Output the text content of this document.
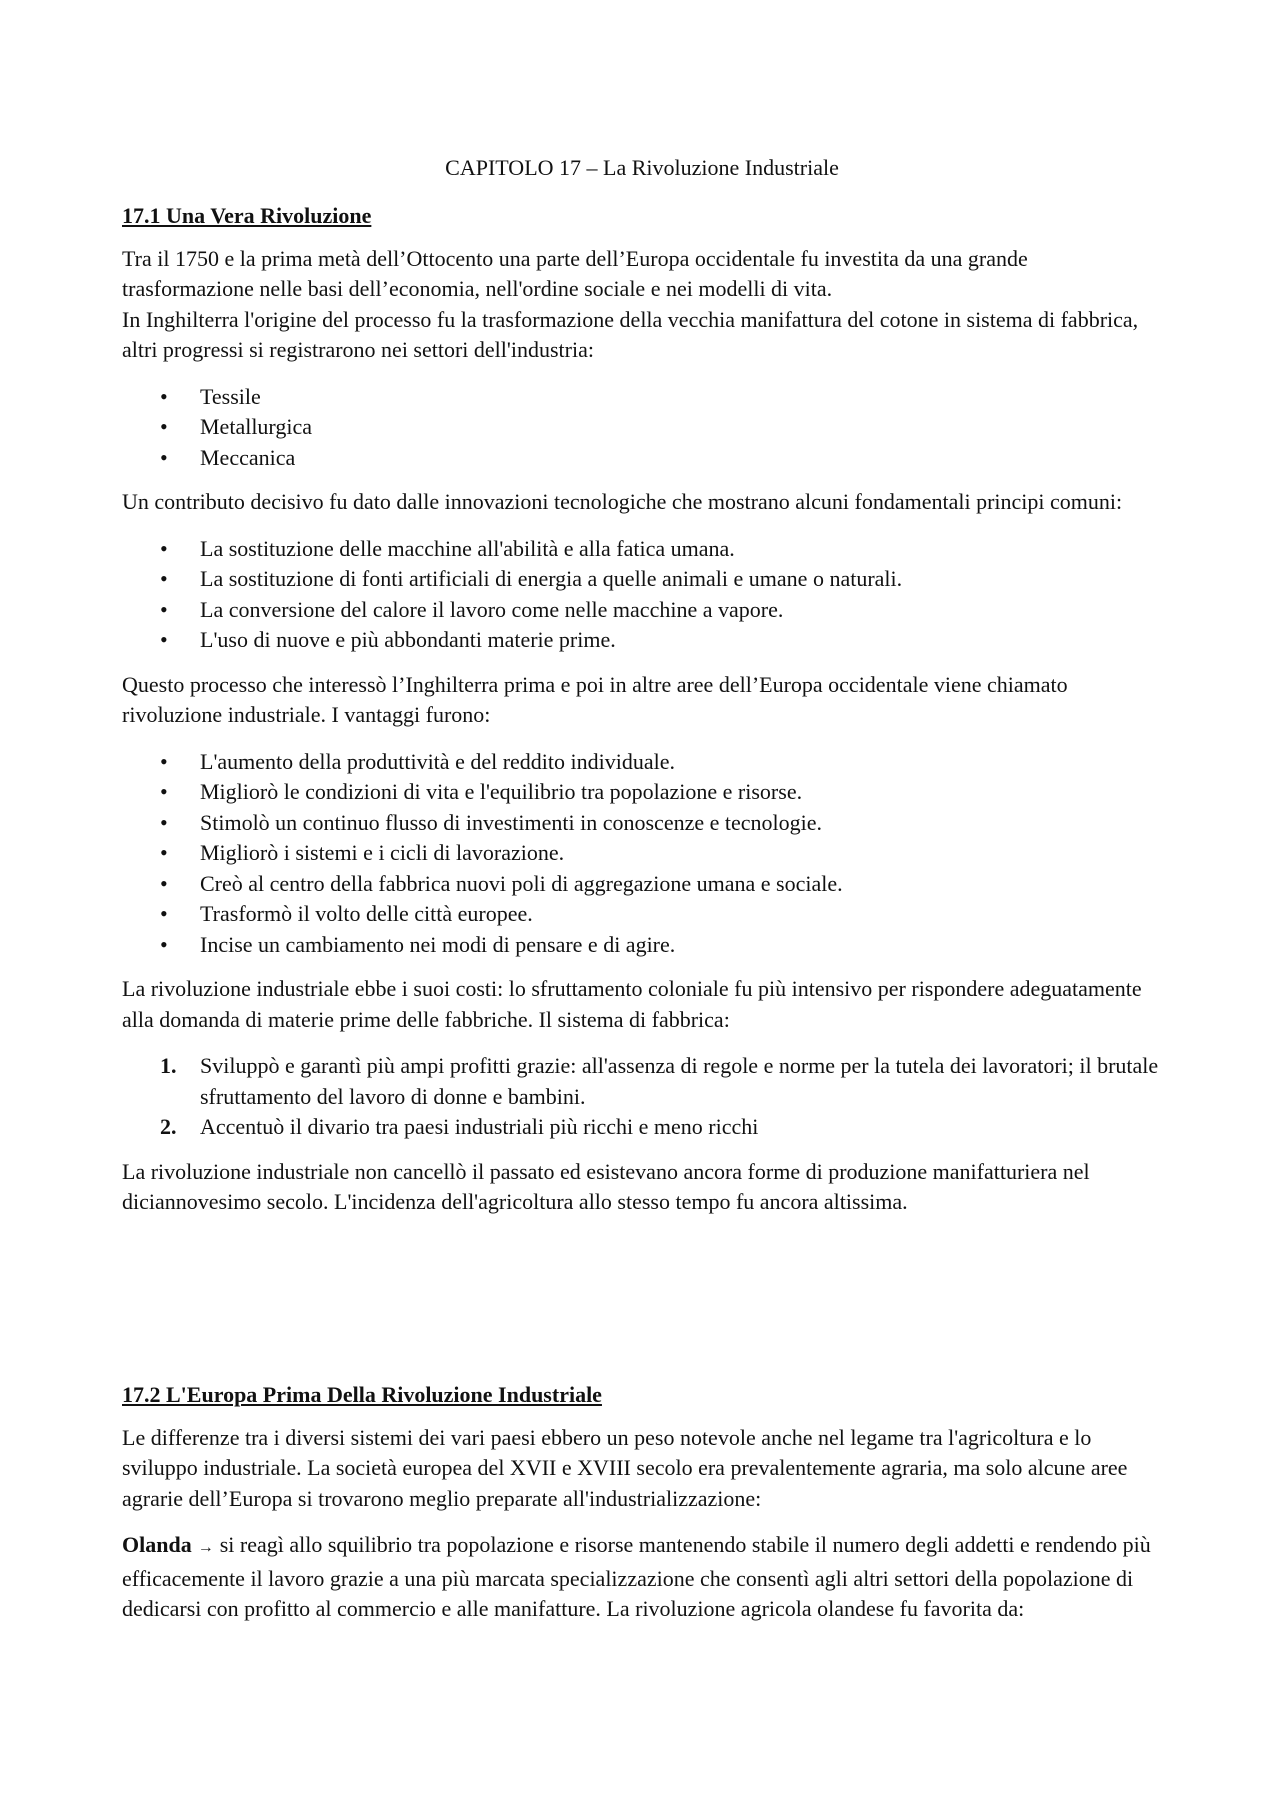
CAPITOLO 17 – La Rivoluzione Industriale
17.1 Una Vera Rivoluzione

Tra il 1750 e la prima metà dell’Ottocento una parte dell’Europa occidentale fu investita da una grande trasformazione nelle basi dell’economia, nell'ordine sociale e nei modelli di vita.
In Inghilterra l'origine del processo fu la trasformazione della vecchia manifattura del cotone in sistema di fabbrica, altri progressi si registrarono nei settori dell'industria:

• Tessile
• Metallurgica
• Meccanica

Un contributo decisivo fu dato dalle innovazioni tecnologiche che mostrano alcuni fondamentali principi comuni:

• La sostituzione delle macchine all'abilità e alla fatica umana.
• La sostituzione di fonti artificiali di energia a quelle animali e umane o naturali.
• La conversione del calore il lavoro come nelle macchine a vapore.
• L'uso di nuove e più abbondanti materie prime.

Questo processo che interessò l’Inghilterra prima e poi in altre aree dell’Europa occidentale viene chiamato rivoluzione industriale. I vantaggi furono:

• L'aumento della produttività e del reddito individuale.
• Migliorò le condizioni di vita e l'equilibrio tra popolazione e risorse.
• Stimolò un continuo flusso di investimenti in conoscenze e tecnologie.
• Migliorò i sistemi e i cicli di lavorazione.
• Creò al centro della fabbrica nuovi poli di aggregazione umana e sociale.
• Trasformò il volto delle città europee.
• Incise un cambiamento nei modi di pensare e di agire.

La rivoluzione industriale ebbe i suoi costi: lo sfruttamento coloniale fu più intensivo per rispondere adeguatamente alla domanda di materie prime delle fabbriche. Il sistema di fabbrica:

1. Sviluppò e garantì più ampi profitti grazie: all'assenza di regole e norme per la tutela dei lavoratori; il brutale sfruttamento del lavoro di donne e bambini.
2. Accentuò il divario tra paesi industriali più ricchi e meno ricchi

La rivoluzione industriale non cancellò il passato ed esistevano ancora forme di produzione manifatturiera nel diciannovesimo secolo. L'incidenza dell'agricoltura allo stesso tempo fu ancora altissima.

17.2 L'Europa Prima Della Rivoluzione Industriale

Le differenze tra i diversi sistemi dei vari paesi ebbero un peso notevole anche nel legame tra l'agricoltura e lo sviluppo industriale. La società europea del XVII e XVIII secolo era prevalentemente agraria, ma solo alcune aree agrarie dell’Europa si trovarono meglio preparate all'industrializzazione:

Olanda → si reagì allo squilibrio tra popolazione e risorse mantenendo stabile il numero degli addetti e rendendo più efficacemente il lavoro grazie a una più marcata specializzazione che consentì agli altri settori della popolazione di dedicarsi con profitto al commercio e alle manifatture. La rivoluzione agricola olandese fu favorita da:
